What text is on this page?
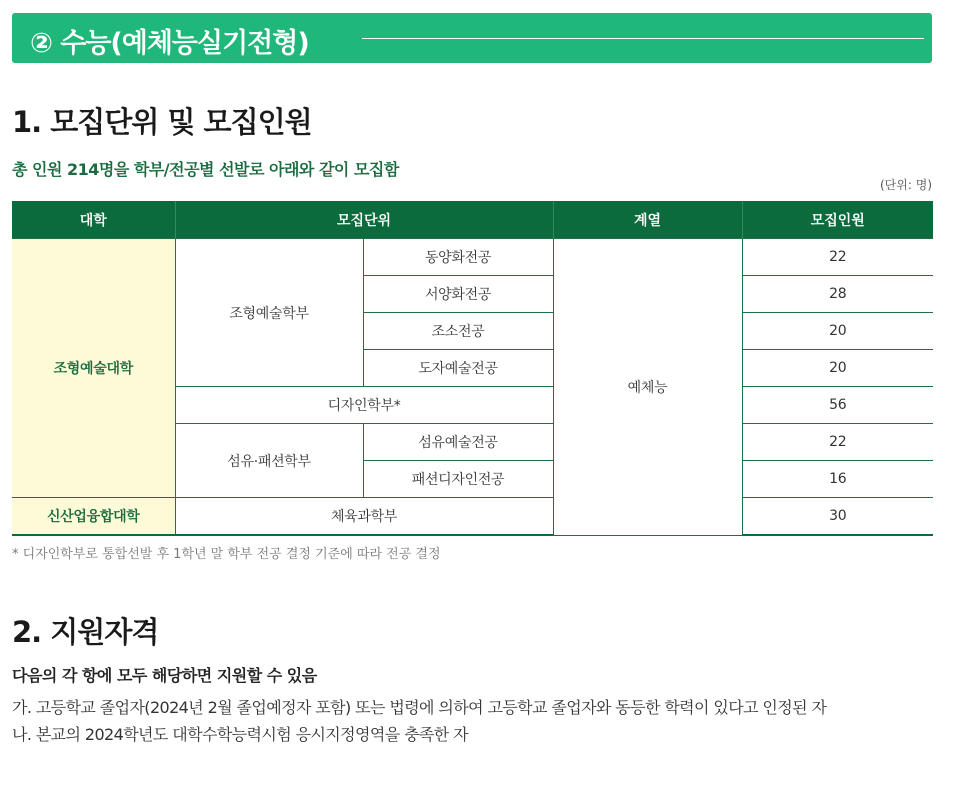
② 수능(예체능실기전형)
1. 모집단위 및 모집인원
총 인원 214명을 학부/전공별 선발로 아래와 같이 모집함
(단위: 명)
대학	모집단위		계열	모집인원
조형예술대학	조형예술학부	동양화전공	예체능	22
		서양화전공		28
		조소전공		20
		도자예술전공		20
	디자인학부*			56
	섬유·패션학부	섬유예술전공		22
		패션디자인전공		16
신산업융합대학	체육과학부			30
* 디자인학부로 통합선발 후 1학년 말 학부 전공 결정 기준에 따라 전공 결정
2. 지원자격
다음의 각 항에 모두 해당하면 지원할 수 있음
가. 고등학교 졸업자(2024년 2월 졸업예정자 포함) 또는 법령에 의하여 고등학교 졸업자와 동등한 학력이 있다고 인정된 자
나. 본교의 2024학년도 대학수학능력시험 응시지정영역을 충족한 자
